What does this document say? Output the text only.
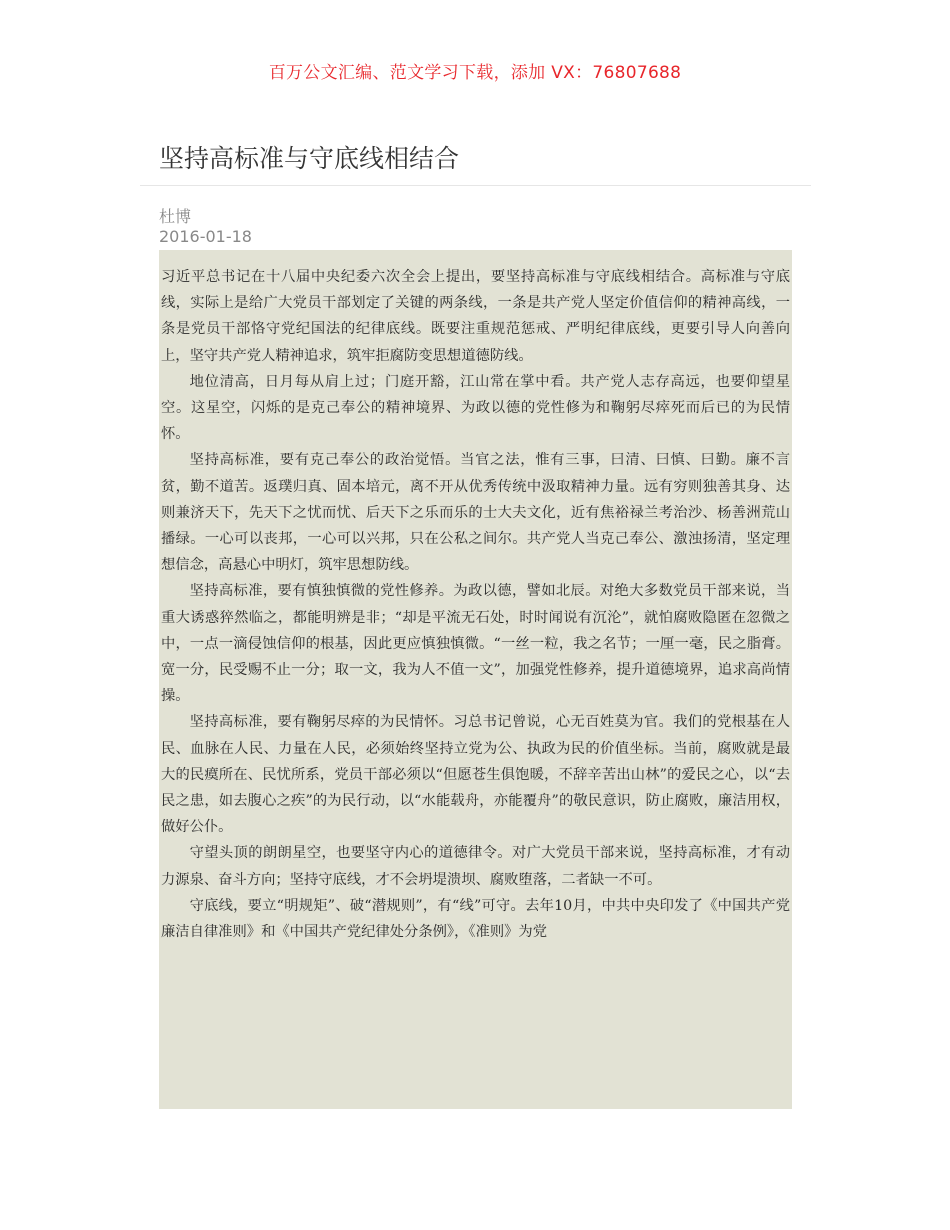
百万公文汇编、范文学习下载，添加 VX：76807688
坚持高标准与守底线相结合
杜博
2016-01-18

习近平总书记在十八届中央纪委六次全会上提出，要坚持高标准与守底线相结合。高标准与守底线，实际上是给广大党员干部划定了关键的两条线，一条是共产党人坚定价值信仰的精神高线，一条是党员干部恪守党纪国法的纪律底线。既要注重规范惩戒、严明纪律底线，更要引导人向善向上，坚守共产党人精神追求，筑牢拒腐防变思想道德防线。

地位清高，日月每从肩上过；门庭开豁，江山常在掌中看。共产党人志存高远，也要仰望星空。这星空，闪烁的是克己奉公的精神境界、为政以德的党性修为和鞠躬尽瘁死而后已的为民情怀。

坚持高标准，要有克己奉公的政治觉悟。当官之法，惟有三事，曰清、曰慎、曰勤。廉不言贫，勤不道苦。返璞归真、固本培元，离不开从优秀传统中汲取精神力量。远有穷则独善其身、达则兼济天下，先天下之忧而忧、后天下之乐而乐的士大夫文化，近有焦裕禄兰考治沙、杨善洲荒山播绿。一心可以丧邦，一心可以兴邦，只在公私之间尔。共产党人当克己奉公、激浊扬清，坚定理想信念，高悬心中明灯，筑牢思想防线。

坚持高标准，要有慎独慎微的党性修养。为政以德，譬如北辰。对绝大多数党员干部来说，当重大诱惑猝然临之，都能明辨是非；“却是平流无石处，时时闻说有沉沦”，就怕腐败隐匿在忽微之中，一点一滴侵蚀信仰的根基，因此更应慎独慎微。“一丝一粒，我之名节；一厘一毫，民之脂膏。宽一分，民受赐不止一分；取一文，我为人不值一文”，加强党性修养，提升道德境界，追求高尚情操。

坚持高标准，要有鞠躬尽瘁的为民情怀。习总书记曾说，心无百姓莫为官。我们的党根基在人民、血脉在人民、力量在人民，必须始终坚持立党为公、执政为民的价值坐标。当前，腐败就是最大的民瘼所在、民忧所系，党员干部必须以“但愿苍生俱饱暖，不辞辛苦出山林”的爱民之心，以“去民之患，如去腹心之疾”的为民行动，以“水能载舟，亦能覆舟”的敬民意识，防止腐败，廉洁用权，做好公仆。

守望头顶的朗朗星空，也要坚守内心的道德律令。对广大党员干部来说，坚持高标准，才有动力源泉、奋斗方向；坚持守底线，才不会坍堤溃坝、腐败堕落，二者缺一不可。

守底线，要立“明规矩”、破“潜规则”，有“线”可守。去年10月，中共中央印发了《中国共产党廉洁自律准则》和《中国共产党纪律处分条例》，《准则》为党
